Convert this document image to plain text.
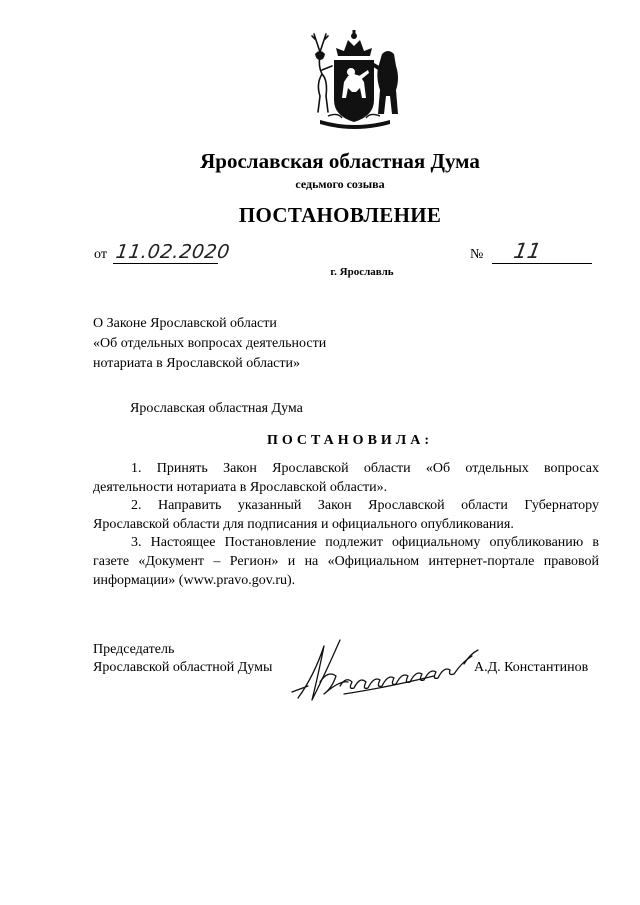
Ярославская областная Дума
седьмого созыва
ПОСТАНОВЛЕНИЕ
от 11.02.2020	№ 11
г. Ярославль
О Законе Ярославской области
«Об отдельных вопросах деятельности
нотариата в Ярославской области»
Ярославская областная Дума
ПОСТАНОВИЛА:

1. Принять Закон Ярославской области «Об отдельных вопросах деятельности нотариата в Ярославской области».

2. Направить указанный Закон Ярославской области Губернатору Ярославской области для подписания и официального опубликования.

3. Настоящее Постановление подлежит официальному опубликованию в газете «Документ – Регион» и на «Официальном интернет-портале правовой информации» (www.pravo.gov.ru).

Председатель
Ярославской областной Думы	А.Д. Константинов
